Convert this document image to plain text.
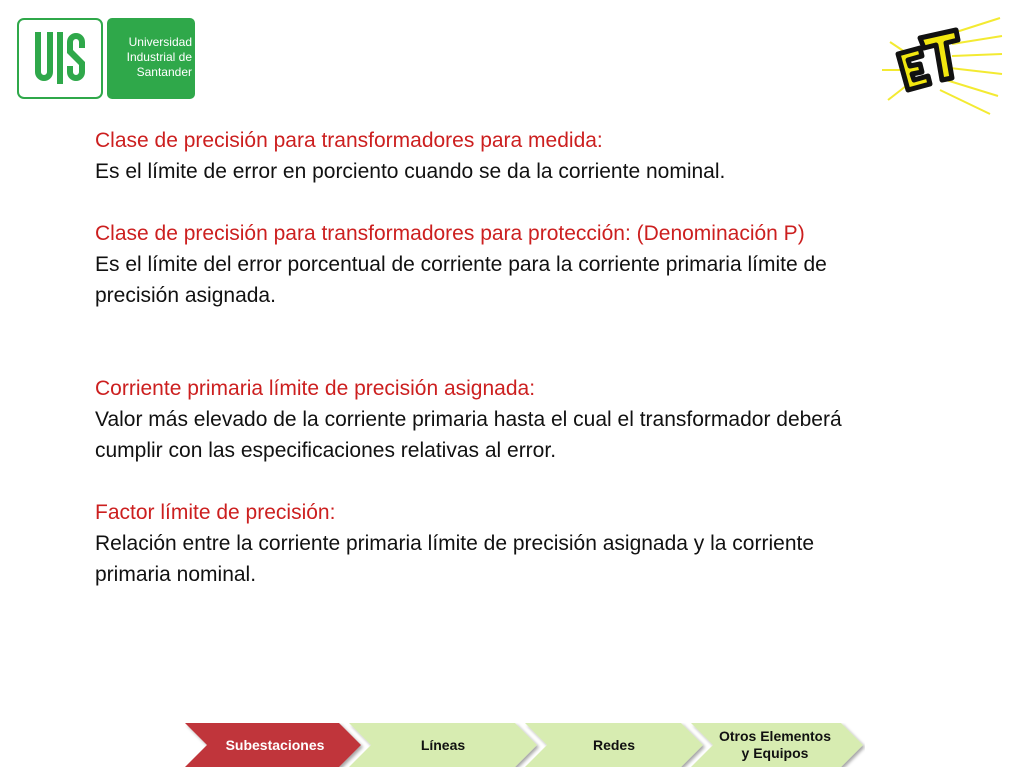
Universidad
Industrial de
Santander
Clase de precisión para transformadores para medida:
Es el límite de error en porciento cuando se da la corriente nominal.
Clase de precisión para transformadores para protección: (Denominación P)
Es el límite del error porcentual de corriente para la corriente primaria límite de
precisión asignada.
Corriente primaria límite de precisión asignada:
Valor más elevado de la corriente primaria hasta el cual el transformador deberá
cumplir con las especificaciones relativas al error.
Factor límite de precisión:
Relación entre la corriente primaria límite de precisión asignada y la corriente
primaria nominal.
Subestaciones	Líneas	Redes
Otros Elementos
y Equipos
